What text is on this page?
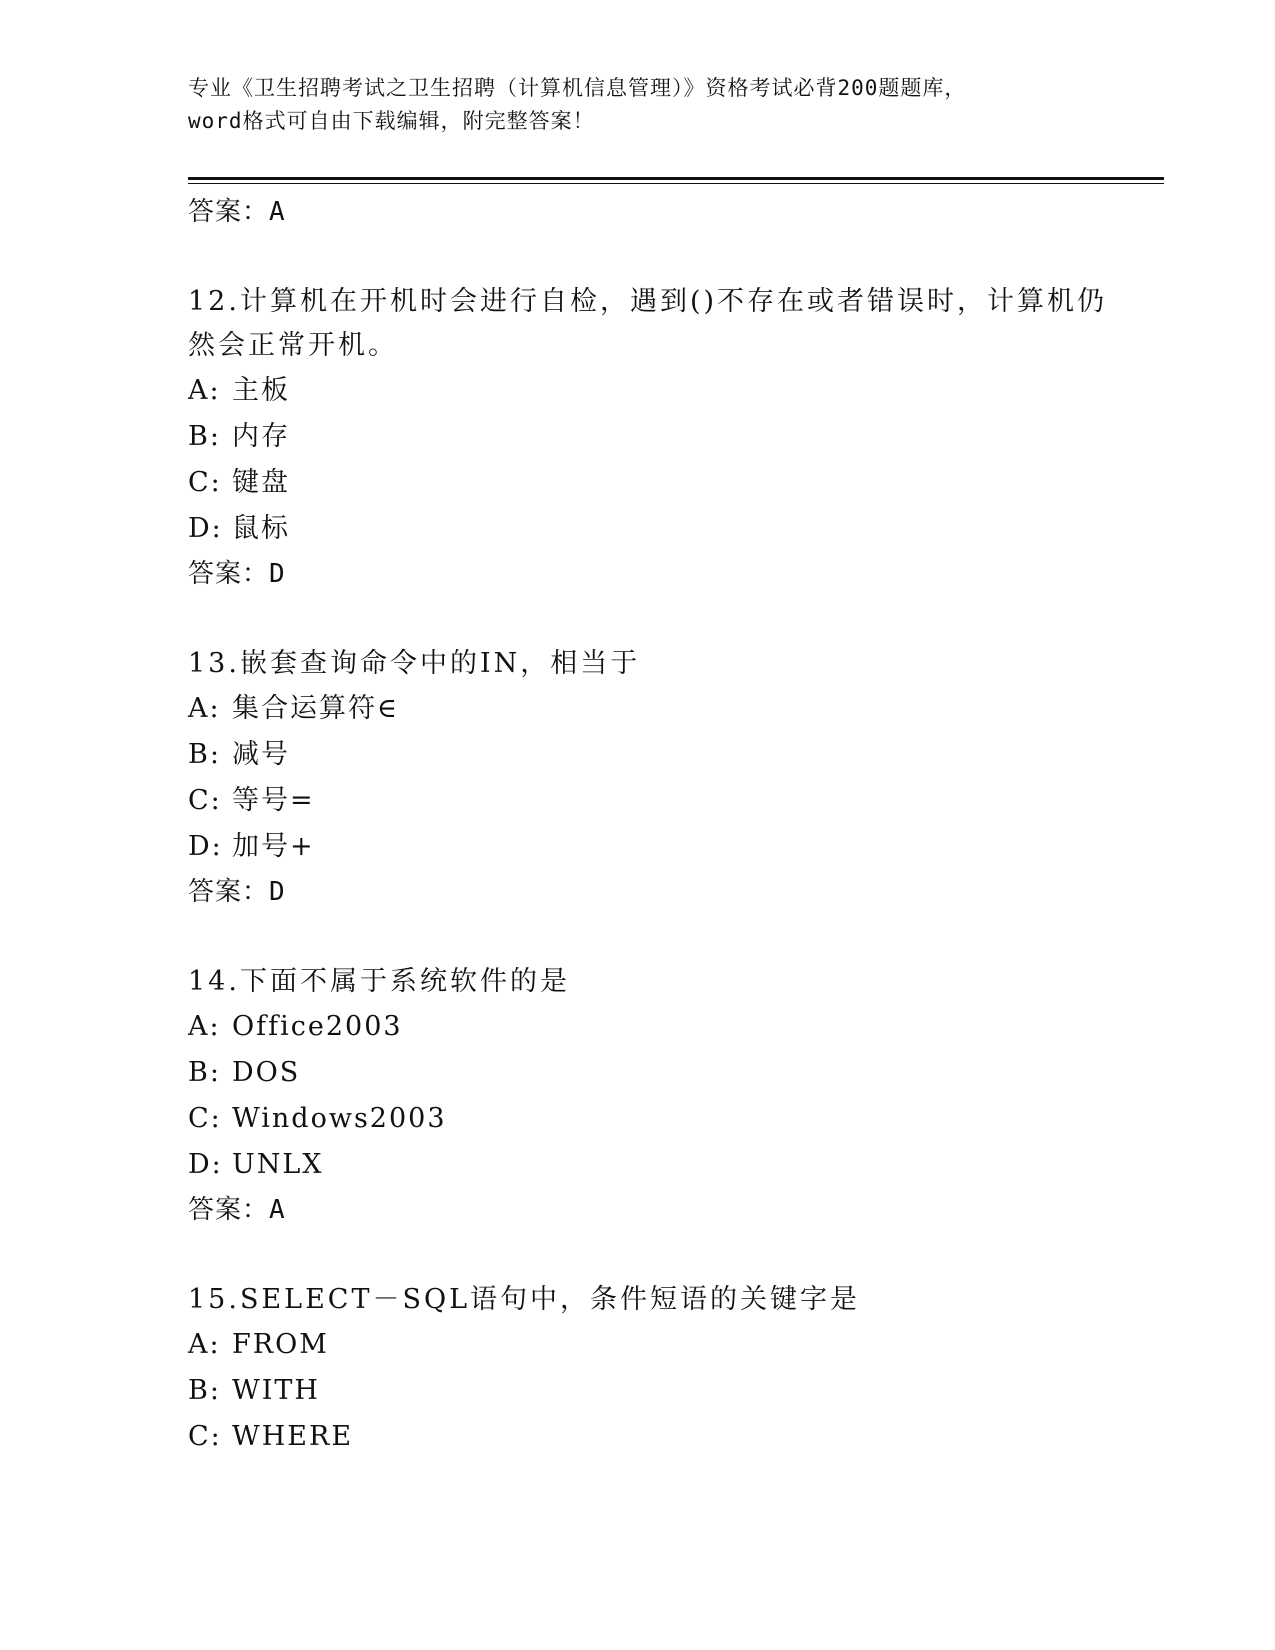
专业《卫生招聘考试之卫生招聘（计算机信息管理）》资格考试必背200题题库，
word格式可自由下载编辑，附完整答案！
答案：A
12.计算机在开机时会进行自检，遇到()不存在或者错误时，计算机仍
然会正常开机。
A: 主板
B: 内存
C: 键盘
D: 鼠标
答案：D
13.嵌套查询命令中的IN，相当于
A: 集合运算符∈
B: 减号
C: 等号=
D: 加号+
答案：D
14.下面不属于系统软件的是
A: Office2003
B: DOS
C: Windows2003
D: UNLX
答案：A
15.SELECT－SQL语句中，条件短语的关键字是
A: FROM
B: WITH
C: WHERE
